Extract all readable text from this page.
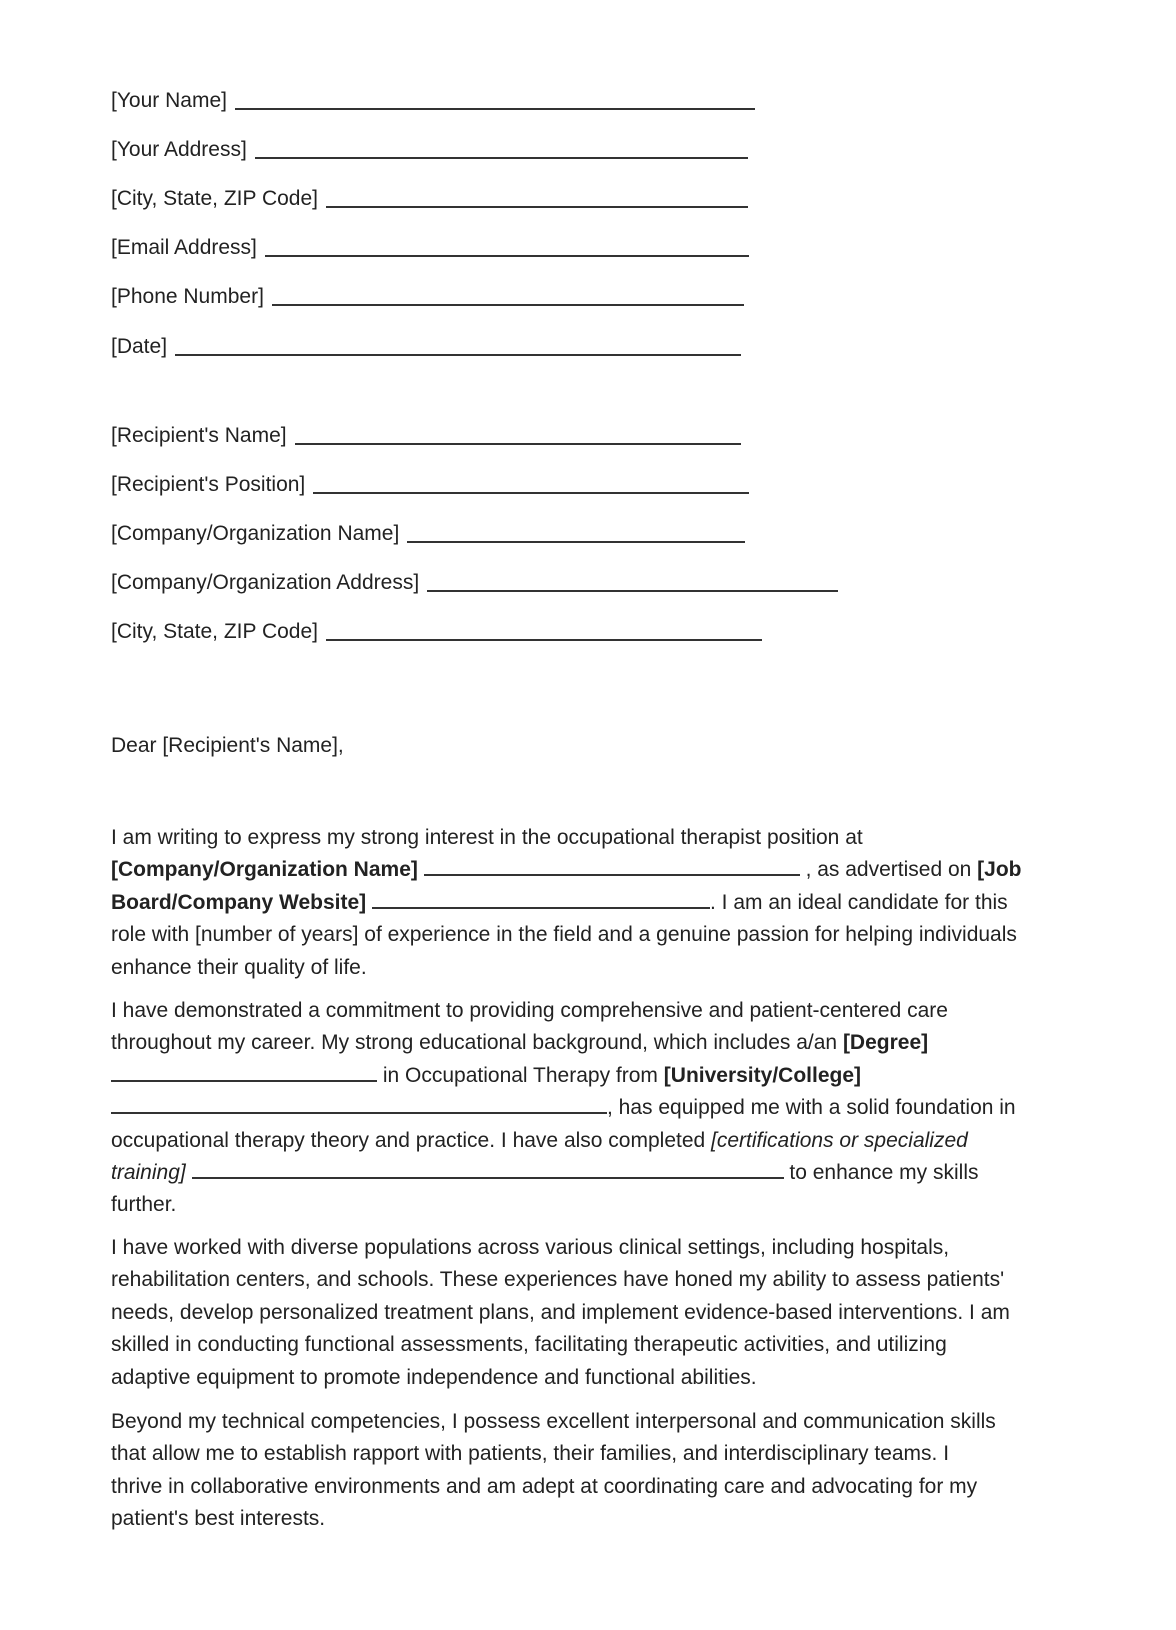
[Your Name]
[Your Address]
[City, State, ZIP Code]
[Email Address]
[Phone Number]
[Date]
[Recipient's Name]
[Recipient's Position]
[Company/Organization Name]
[Company/Organization Address]
[City, State, ZIP Code]
Dear [Recipient's Name],

I am writing to express my strong interest in the occupational therapist position at [Company/Organization Name]	, as advertised on [Job Board/Company Website]	. I am an ideal candidate for this role with [number of years] of experience in the field and a genuine passion for helping individuals enhance their quality of life.

I have demonstrated a commitment to providing comprehensive and patient-centered care throughout my career. My strong educational background, which includes a/an [Degree]  in Occupational Therapy from [University/College] , has equipped me with a solid foundation in occupational therapy theory and practice. I have also completed [certifications or specialized training]	to enhance my skills further.

I have worked with diverse populations across various clinical settings, including hospitals, rehabilitation centers, and schools. These experiences have honed my ability to assess patients' needs, develop personalized treatment plans, and implement evidence-based interventions. I am skilled in conducting functional assessments, facilitating therapeutic activities, and utilizing adaptive equipment to promote independence and functional abilities.

Beyond my technical competencies, I possess excellent interpersonal and communication skills that allow me to establish rapport with patients, their families, and interdisciplinary teams. I thrive in collaborative environments and am adept at coordinating care and advocating for my patient's best interests.
